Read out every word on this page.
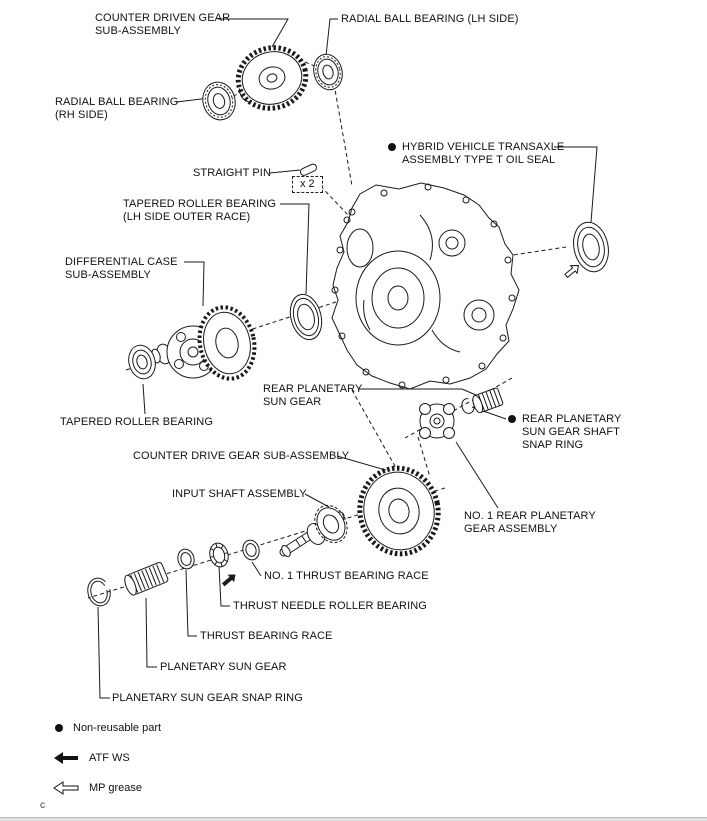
COUNTER DRIVEN GEAR
SUB-ASSEMBLY
RADIAL BALL BEARING (LH SIDE)
RADIAL BALL BEARING
(RH SIDE)
HYBRID VEHICLE TRANSAXLE
ASSEMBLY TYPE T OIL SEAL
STRAIGHT PIN
x 2
TAPERED ROLLER BEARING
(LH SIDE OUTER RACE)
DIFFERENTIAL CASE
SUB-ASSEMBLY
REAR PLANETARY
SUN GEAR
REAR PLANETARY
SUN GEAR SHAFT
SNAP RING
TAPERED ROLLER BEARING
COUNTER DRIVE GEAR SUB-ASSEMBLY
INPUT SHAFT ASSEMBLY
NO. 1 REAR PLANETARY
GEAR ASSEMBLY
NO. 1 THRUST BEARING RACE
THRUST NEEDLE ROLLER BEARING
THRUST BEARING RACE
PLANETARY SUN GEAR
PLANETARY SUN GEAR SNAP RING
Non-reusable part
ATF WS
MP grease
c
